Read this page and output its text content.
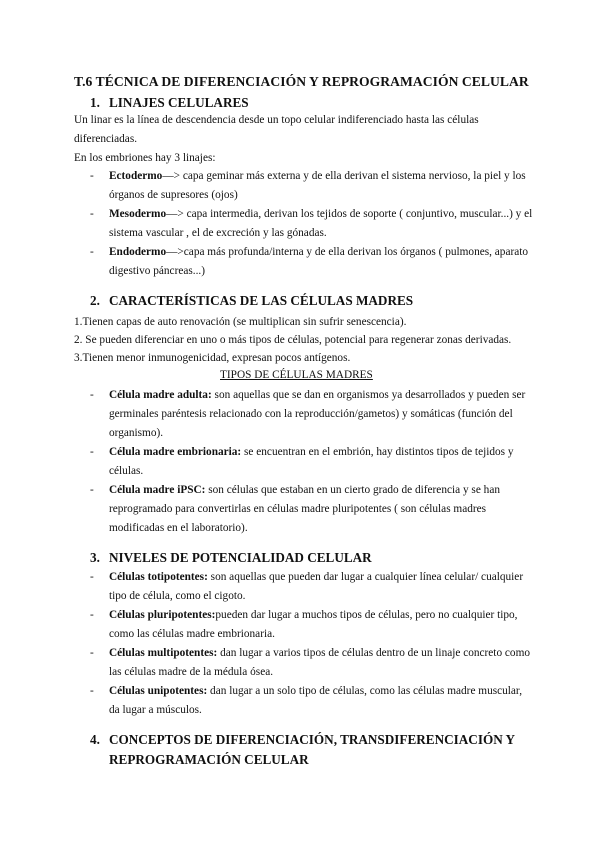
T.6 TÉCNICA DE DIFERENCIACIÓN Y REPROGRAMACIÓN CELULAR
1. LINAJES CELULARES
Un linar es la línea de descendencia desde un topo celular indiferenciado hasta las células diferenciadas.
En los embriones hay 3 linajes:
- Ectodermo—> capa geminar más externa y de ella derivan el sistema nervioso, la piel y los órganos de supresores (ojos)
- Mesodermo—> capa intermedia, derivan los tejidos de soporte ( conjuntivo, muscular...) y el sistema vascular , el de excreción y las gónadas.
- Endodermo—>capa más profunda/interna y de ella derivan los órganos ( pulmones, aparato digestivo páncreas...)
2. CARACTERÍSTICAS DE LAS CÉLULAS MADRES
1.Tienen capas de auto renovación (se multiplican sin sufrir senescencia).
2. Se pueden diferenciar en uno o más tipos de células, potencial para regenerar zonas derivadas.
3.Tienen menor inmunogenicidad, expresan pocos antígenos.
TIPOS DE CÉLULAS MADRES
- Célula madre adulta: son aquellas que se dan en organismos ya desarrollados y pueden ser germinales paréntesis relacionado con la reproducción/gametos) y somáticas (función del organismo).
- Célula madre embrionaria: se encuentran en el embrión, hay distintos tipos de tejidos y células.
- Célula madre iPSC: son células que estaban en un cierto grado de diferencia y se han reprogramado para convertirlas en células madre pluripotentes ( son células madres modificadas en el laboratorio).
3. NIVELES DE POTENCIALIDAD CELULAR
- Células totipotentes: son aquellas que pueden dar lugar a cualquier línea celular/ cualquier tipo de célula, como el cigoto.
- Células pluripotentes:pueden dar lugar a muchos tipos de células, pero no cualquier tipo, como las células madre embrionaria.
- Células multipotentes: dan lugar a varios tipos de células dentro de un linaje concreto como las células madre de la médula ósea.
- Células unipotentes: dan lugar a un solo tipo de células, como las células madre muscular, da lugar a músculos.
4. CONCEPTOS DE DIFERENCIACIÓN, TRANSDIFERENCIACIÓN Y
REPROGRAMACIÓN CELULAR
